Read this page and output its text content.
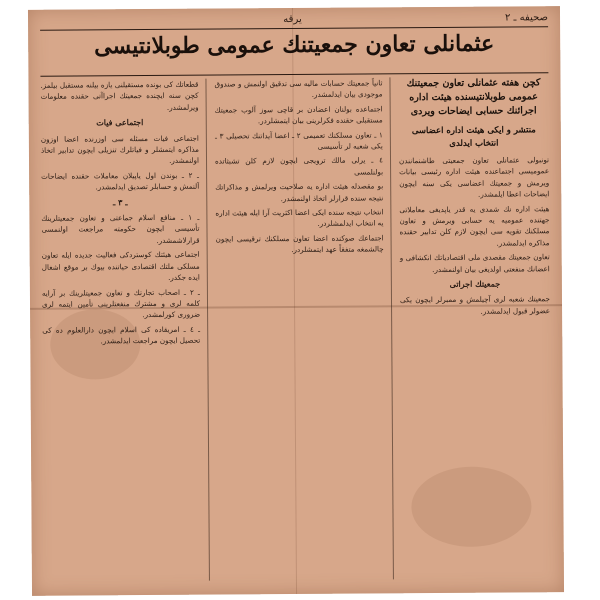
صحيفه ـ ٢
يرقه
عثمانلى تعاون جمعيتنك عمومى طوبلانتيسى
كچن هفته عثمانلى تعاون جمعيتنك عمومى طوبلانتيسنده هيئت اداره اجرائنك حسابى ايضاحات ويردى
منتشر و ايكى هيئت اداره اعضاسى انتخاب ايدلدى

تونبولى عثمانلى تعاون جمعيتى طاشنمانندن عموميسى اجتماعنده هيئت اداره رئيسى بيانات ويرمش و جمعيتك اعضاسى يكى سنه ايچون ايضاحات اعطا ايلمشدر.

هيئت اداره نك شمدى يه قدر ياپديغى معاملاتى جهتنده عموميه يه حسابى ويرمش و تعاون مسلكنك تقويه سى ايچون لازم كلن تدابير حقنده مذاكره ايدلمشدر.

تعاون جمعيتك مقصدى ملى اقتصادياتك انكشافى و اعضانك منفعتى اولديغى بيان اولنمشدر.

جمعيتك اجراتى

جمعيتك شعبه لرى آچيلمش و ممبرلر ايچون يكى عضولر قبول ايدلمشدر.

ثانياً جمعيتك حسابات ماليه سى تدقيق اولنمش و صندوق موجودى بيان ايدلمشدر.

اجتماعده بولنان اعضادن بر قاچى سوز آلوب جمعيتك مستقبلى حقنده فكرلرينى بيان ايتمشلردر.

١ ـ تعاون مسلكنك تعميمى ٢ ـ اعضا آيداتنك تحصيلى ٣ ـ يكى شعبه لر تأسيسى

٤ ـ يرلى مالك ترويجى ايچون لازم كلن تشبثاتده بولنلمسى

بو مقصدله هيئت اداره يه صلاحيت ويرلمش و مذاكراتك نتيجه سنده قرارلر اتخاذ اولنمشدر.

انتخاب نتيجه سنده ايكى اعضا اكثريت آرا ايله هيئت اداره يه انتخاب ايدلمشلردر.

اجتماعك صوكنده اعضا تعاون مسلكنك ترقيسى ايچون چالشمغه متفقاً عهد ايتمشلردر.

قطعاتك كى بونده مستقيلنى يازه بيلنه مستقبل بيلمز. كچن سنه ايچنده جمعيتك اجراآتى حقنده معلومات ويرلمشدر.

اجتماعى فيات

اجتماعى فيات مسئله سى اوزرنده اعضا اوزون مذاكره ايتمشلر و فياتلرك تنزيلى ايچون تدابير اتخاذ اولنمشدر.

ـ ٢ ـ بوندن اول ياپيلان معاملات حقنده ايضاحات آلنمش و حسابلر تصديق ايدلمشدر.

ـ ٣ ـ

ـ ١ ـ منافع اسلام جماعتى و تعاون جمعيتلرينك تأسيسى ايچون حكومته مراجعت اولنمسى قرارلاشمشدر.

اجتماعى هيئتك كوستردكى فعاليت جديده ايله تعاون مسلكى ملتك اقتصادى حياتنده بيوك بر موقع اشغال ايده جكدر.

ـ ٢ ـ اصحاب تجارتك و تعاون جمعيتلرينك بر آرايه كلمه لرى و مشترك منفعتلرينى تأمين ايتمه لرى ضرورى كورلمشدر.

ـ ٤ ـ امريقاده كى اسلام ايچون دارالعلوم ده كى تحصيل ايچون مراجعت ايدلمشدر.
